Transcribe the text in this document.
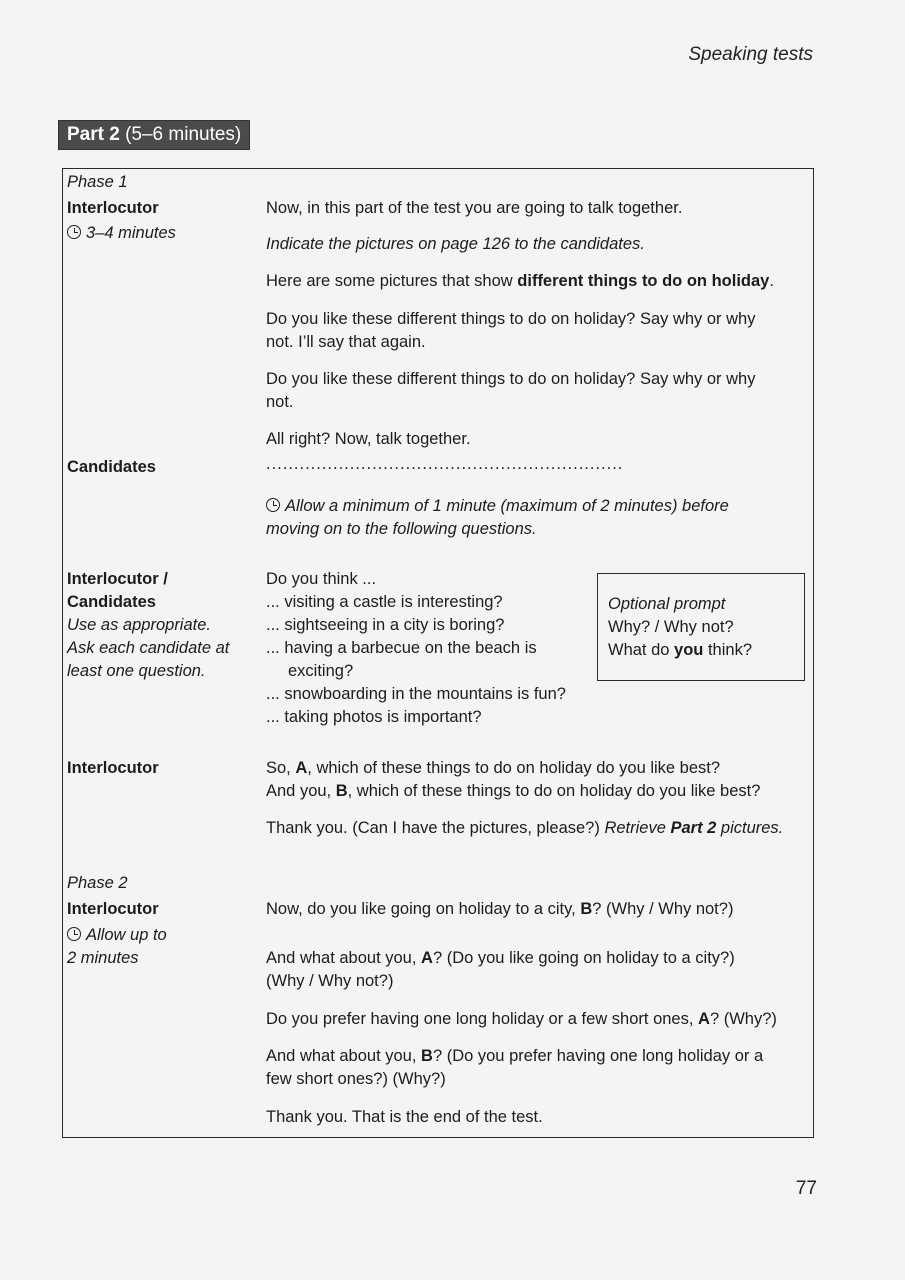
Speaking tests
Part 2 (5–6 minutes)
Phase 1
Interlocutor
3–4 minutes
Now, in this part of the test you are going to talk together.
Indicate the pictures on page 126 to the candidates.
Here are some pictures that show different things to do on holiday.
Do you like these different things to do on holiday? Say why or why
not. I’ll say that again.
Do you like these different things to do on holiday? Say why or why
not.
All right? Now, talk together.
Candidates	................................................................
Allow a minimum of 1 minute (maximum of 2 minutes) before
moving on to the following questions.
Interlocutor /
Candidates
Use as appropriate.
Ask each candidate at
least one question.
Do you think ...
... visiting a castle is interesting?
... sightseeing in a city is boring?
... having a barbecue on the beach is
exciting?
... snowboarding in the mountains is fun?
... taking photos is important?
Optional prompt
Why? / Why not?
What do you think?
Interlocutor	So, A, which of these things to do on holiday do you like best?
And you, B, which of these things to do on holiday do you like best?
Thank you. (Can I have the pictures, please?) Retrieve Part 2 pictures.
Phase 2
Interlocutor
Allow up to
2 minutes
Now, do you like going on holiday to a city, B? (Why / Why not?)
And what about you, A? (Do you like going on holiday to a city?)
(Why / Why not?)
Do you prefer having one long holiday or a few short ones, A? (Why?)
And what about you, B? (Do you prefer having one long holiday or a
few short ones?) (Why?)
Thank you. That is the end of the test.
77
